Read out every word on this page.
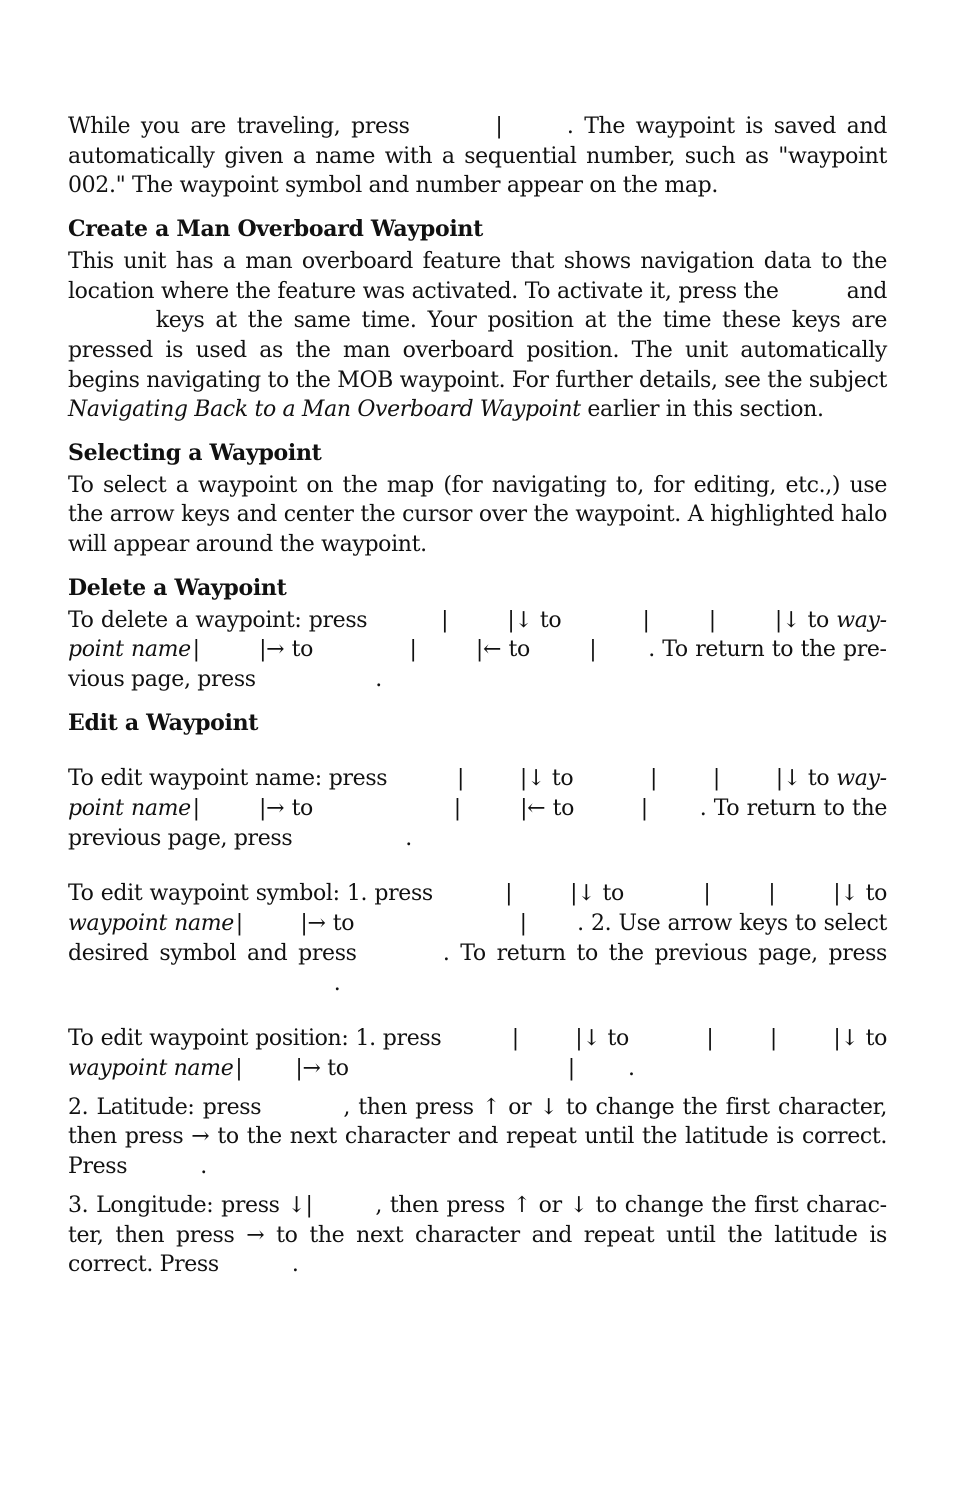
While you are traveling, press        |      . The waypoint is saved and automatically given a name with a sequential number, such as "waypoint 002." The waypoint symbol and number appear on the map.

Create a Man Overboard Waypoint

This unit has a man overboard feature that shows navigation data to the location where the feature was activated. To activate it, press the          and         keys at the same time. Your position at the time these keys are pressed is used as the man overboard position. The unit automatically begins navigating to the MOB waypoint. For further details, see the subject Navigating Back to a Man Overboard Waypoint earlier in this section.

Selecting a Waypoint

To select a waypoint on the map (for navigating to, for editing, etc.,) use the arrow keys and center the cursor over the waypoint. A highlighted halo will appear around the waypoint.

Delete a Waypoint

To delete a waypoint: press          |        |↓ to           |        |        |↓ to waypoint name |        |→ to             |        |← to        |       . To return to the previous page, press                  .

Edit a Waypoint

To edit waypoint name: press          |        |↓ to           |        |        |↓ to waypoint name |        |→ to                   |        |← to         |       . To return to the previous page, press                 .

To edit waypoint symbol: 1. press          |        |↓ to           |        |        |↓ to waypoint name |        |→ to                       |       . 2. Use arrow keys to select desired symbol and press        . To return to the previous page, press                                         .

To edit waypoint position: 1. press          |        |↓ to           |        |        |↓ to waypoint name |        |→ to                                 |        .

2. Latitude: press          , then press ↑ or ↓ to change the first character, then press → to the next character and repeat until the latitude is correct. Press           .

3. Longitude: press ↓|        , then press ↑ or ↓ to change the first character, then press → to the next character and repeat until the latitude is correct. Press           .
